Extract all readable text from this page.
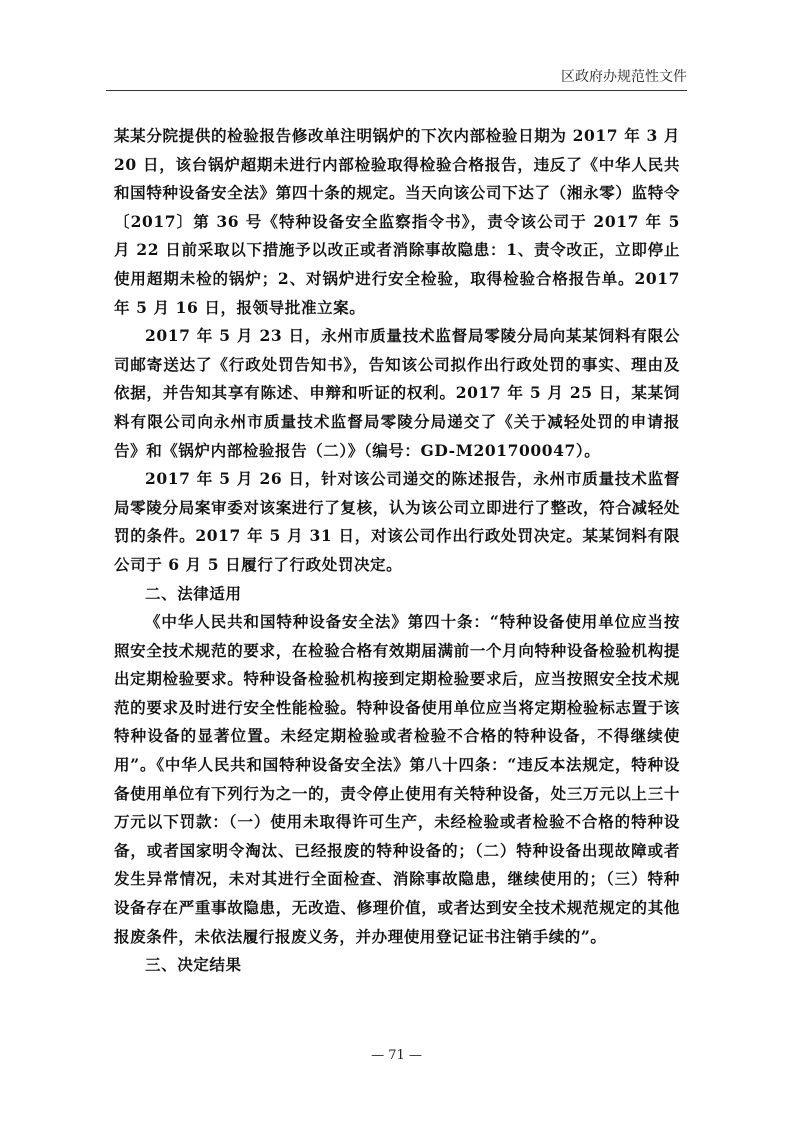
区政府办规范性文件

某某分院提供的检验报告修改单注明锅炉的下次内部检验日期为 2017 年 3 月 20 日，该台锅炉超期未进行内部检验取得检验合格报告，违反了《中华人民共和国特种设备安全法》第四十条的规定。当天向该公司下达了（湘永零）监特令〔2017〕第 36 号《特种设备安全监察指令书》，责令该公司于 2017 年 5 月 22 日前采取以下措施予以改正或者消除事故隐患：1、责令改正，立即停止使用超期未检的锅炉；2、对锅炉进行安全检验，取得检验合格报告单。2017 年 5 月 16 日，报领导批准立案。

2017 年 5 月 23 日，永州市质量技术监督局零陵分局向某某饲料有限公司邮寄送达了《行政处罚告知书》，告知该公司拟作出行政处罚的事实、理由及依据，并告知其享有陈述、申辩和听证的权利。2017 年 5 月 25 日，某某饲料有限公司向永州市质量技术监督局零陵分局递交了《关于减轻处罚的申请报告》和《锅炉内部检验报告（二）》（编号：GD-M201700047）。

2017 年 5 月 26 日，针对该公司递交的陈述报告，永州市质量技术监督局零陵分局案审委对该案进行了复核，认为该公司立即进行了整改，符合减轻处罚的条件。2017 年 5 月 31 日，对该公司作出行政处罚决定。某某饲料有限公司于 6 月 5 日履行了行政处罚决定。

二、法律适用

《中华人民共和国特种设备安全法》第四十条：“特种设备使用单位应当按照安全技术规范的要求，在检验合格有效期届满前一个月向特种设备检验机构提出定期检验要求。特种设备检验机构接到定期检验要求后，应当按照安全技术规范的要求及时进行安全性能检验。特种设备使用单位应当将定期检验标志置于该特种设备的显著位置。未经定期检验或者检验不合格的特种设备，不得继续使用”。《中华人民共和国特种设备安全法》第八十四条：“违反本法规定，特种设备使用单位有下列行为之一的，责令停止使用有关特种设备，处三万元以上三十万元以下罚款：（一）使用未取得许可生产，未经检验或者检验不合格的特种设备，或者国家明令淘汰、已经报废的特种设备的；（二）特种设备出现故障或者发生异常情况，未对其进行全面检查、消除事故隐患，继续使用的；（三）特种设备存在严重事故隐患，无改造、修理价值，或者达到安全技术规范规定的其他报废条件，未依法履行报废义务，并办理使用登记证书注销手续的”。

三、决定结果
— 71 —
